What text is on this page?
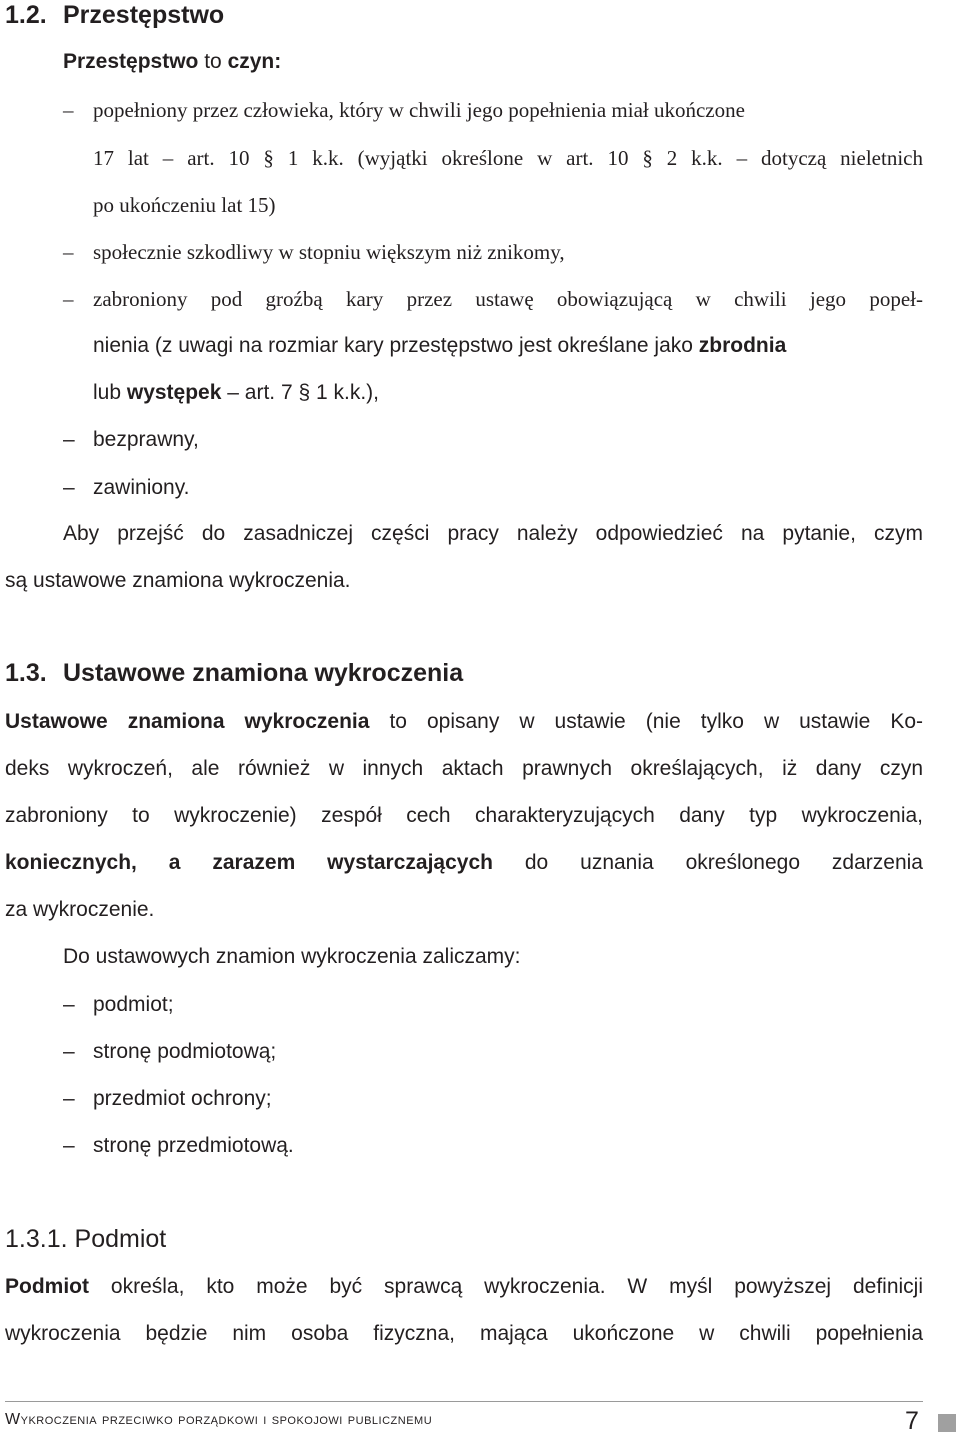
1.2. Przestępstwo
Przestępstwo to czyn:
– popełniony przez człowieka, który w chwili jego popełnienia miał ukończone
17 lat – art. 10 § 1 k.k. (wyjątki określone w art. 10 § 2 k.k. – dotyczą nieletnich
po ukończeniu lat 15)
– społecznie szkodliwy w stopniu większym niż znikomy,
– zabroniony pod groźbą kary przez ustawę obowiązującą w chwili jego popeł-
nienia (z uwagi na rozmiar kary przestępstwo jest określane jako zbrodnia
lub występek – art. 7 § 1 k.k.),
– bezprawny,
– zawiniony.
Aby przejść do zasadniczej części pracy należy odpowiedzieć na pytanie, czym
są ustawowe znamiona wykroczenia.
1.3. Ustawowe znamiona wykroczenia
Ustawowe znamiona wykroczenia to opisany w ustawie (nie tylko w ustawie Ko-
deks wykroczeń, ale również w innych aktach prawnych określających, iż dany czyn
zabroniony to wykroczenie) zespół cech charakteryzujących dany typ wykroczenia,
koniecznych, a zarazem wystarczających do uznania określonego zdarzenia
za wykroczenie.
Do ustawowych znamion wykroczenia zaliczamy:
– podmiot;
– stronę podmiotową;
– przedmiot ochrony;
– stronę przedmiotową.
1.3.1. Podmiot
Podmiot określa, kto może być sprawcą wykroczenia. W myśl powyższej definicji
wykroczenia będzie nim osoba fizyczna, mająca ukończone w chwili popełnienia
Wykroczenia przeciwko porządkowi i spokojowi publicznemu	7
